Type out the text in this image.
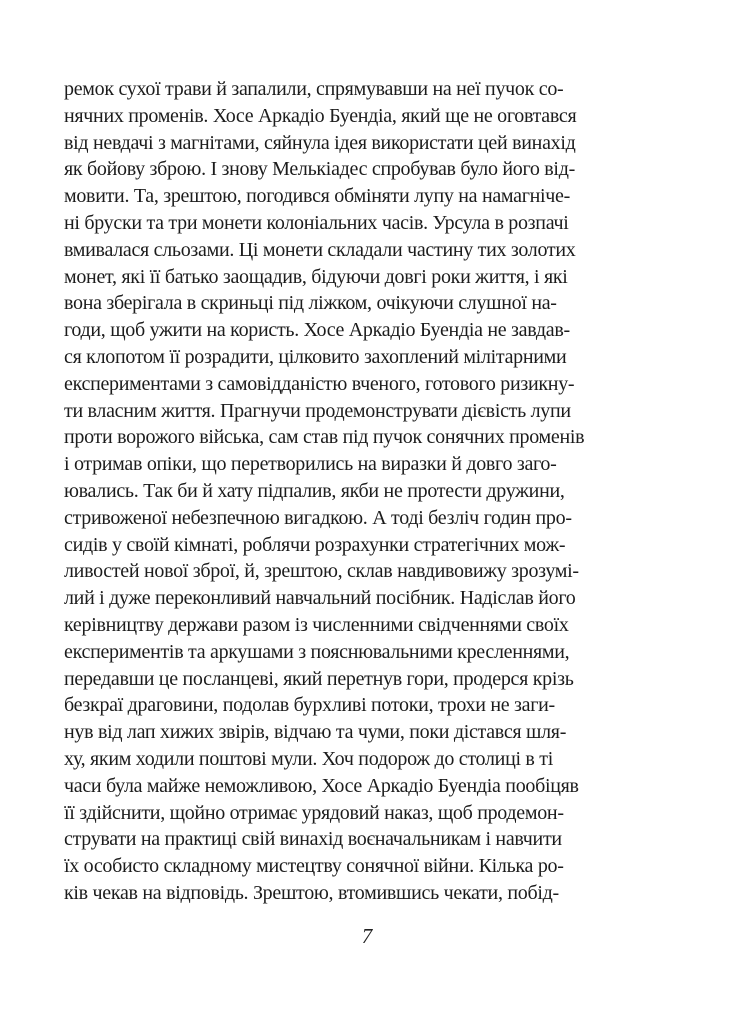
ремок сухої трави й запалили, спрямувавши на неї пучок со-
нячних променів. Хосе Аркадіо Буендіа, який ще не оговтався
від невдачі з магнітами, сяйнула ідея використати цей винахід
як бойову зброю. І знову Мелькіадес спробував було його від-
мовити. Та, зрештою, погодився обміняти лупу на намагніче-
ні бруски та три монети колоніальних часів. Урсула в розпачі
вмивалася сльозами. Ці монети складали частину тих золотих
монет, які її батько заощадив, бідуючи довгі роки життя, і які
вона зберігала в скриньці під ліжком, очікуючи слушної на-
годи, щоб ужити на користь. Хосе Аркадіо Буендіа не завдав-
ся клопотом її розрадити, цілковито захоплений мілітарними
експериментами з самовідданістю вченого, готового ризикну-
ти власним життя. Прагнучи продемонструвати дієвість лупи
проти ворожого війська, сам став під пучок сонячних променів
і отримав опіки, що перетворились на виразки й довго заго-
ювались. Так би й хату підпалив, якби не протести дружини,
стривоженої небезпечною вигадкою. А тоді безліч годин про-
сидів у своїй кімнаті, роблячи розрахунки стратегічних мож-
ливостей нової зброї, й, зрештою, склав навдивовижу зрозумі-
лий і дуже переконливий навчальний посібник. Надіслав його
керівництву держави разом із численними свідченнями своїх
експериментів та аркушами з пояснювальними кресленнями,
передавши це посланцеві, який перетнув гори, продерся крізь
безкраї драговини, подолав бурхливі потоки, трохи не заги-
нув від лап хижих звірів, відчаю та чуми, поки дістався шля-
ху, яким ходили поштові мули. Хоч подорож до столиці в ті
часи була майже неможливою, Хосе Аркадіо Буендіа пообіцяв
її здійснити, щойно отримає урядовий наказ, щоб продемон-
струвати на практиці свій винахід воєначальникам і навчити
їх особисто складному мистецтву сонячної війни. Кілька ро-
ків чекав на відповідь. Зрештою, втомившись чекати, побід-
7
